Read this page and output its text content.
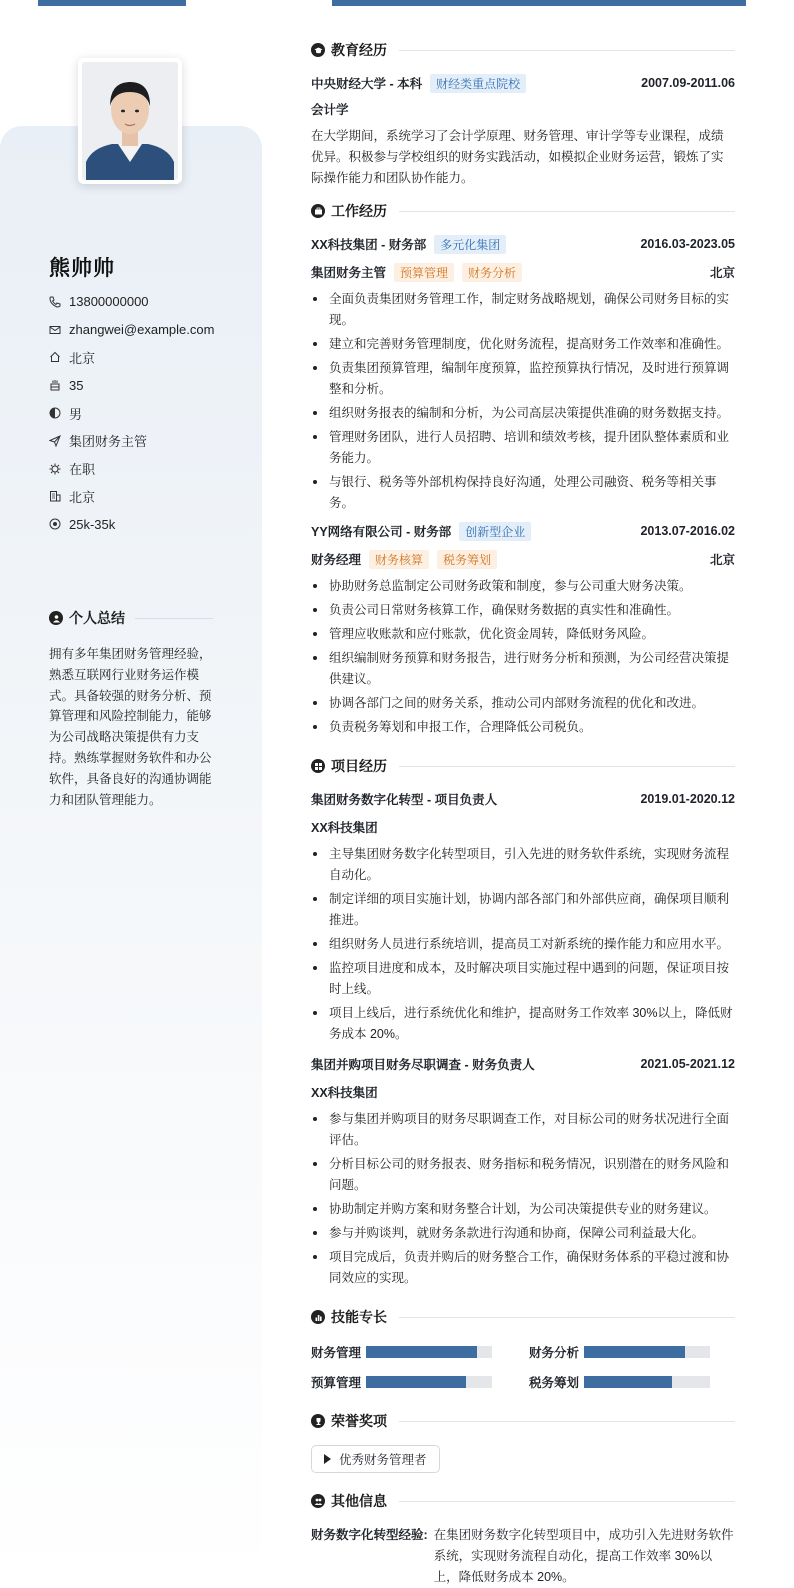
熊帅帅
13800000000
zhangwei@example.com
北京
35
男
集团财务主管
在职
北京
25k-35k
个人总结
拥有多年集团财务管理经验，熟悉互联网行业财务运作模式。具备较强的财务分析、预算管理和风险控制能力，能够为公司战略决策提供有力支持。熟练掌握财务软件和办公软件，具备良好的沟通协调能力和团队管理能力。
教育经历
中央财经大学 - 本科	财经类重点院校	2007.09-2011.06
会计学
在大学期间，系统学习了会计学原理、财务管理、审计学等专业课程，成绩优异。积极参与学校组织的财务实践活动，如模拟企业财务运营，锻炼了实际操作能力和团队协作能力。
工作经历
XX科技集团 - 财务部	多元化集团	2016.03-2023.05
集团财务主管	预算管理	财务分析	北京
全面负责集团财务管理工作，制定财务战略规划，确保公司财务目标的实现。
建立和完善财务管理制度，优化财务流程，提高财务工作效率和准确性。
负责集团预算管理，编制年度预算，监控预算执行情况，及时进行预算调整和分析。
组织财务报表的编制和分析，为公司高层决策提供准确的财务数据支持。
管理财务团队，进行人员招聘、培训和绩效考核，提升团队整体素质和业务能力。
与银行、税务等外部机构保持良好沟通，处理公司融资、税务等相关事务。
YY网络有限公司 - 财务部	创新型企业	2013.07-2016.02
财务经理	财务核算	税务筹划	北京
协助财务总监制定公司财务政策和制度，参与公司重大财务决策。
负责公司日常财务核算工作，确保财务数据的真实性和准确性。
管理应收账款和应付账款，优化资金周转，降低财务风险。
组织编制财务预算和财务报告，进行财务分析和预测，为公司经营决策提供建议。
协调各部门之间的财务关系，推动公司内部财务流程的优化和改进。
负责税务筹划和申报工作，合理降低公司税负。
项目经历
集团财务数字化转型 - 项目负责人	2019.01-2020.12
XX科技集团
主导集团财务数字化转型项目，引入先进的财务软件系统，实现财务流程自动化。
制定详细的项目实施计划，协调内部各部门和外部供应商，确保项目顺利推进。
组织财务人员进行系统培训，提高员工对新系统的操作能力和应用水平。
监控项目进度和成本，及时解决项目实施过程中遇到的问题，保证项目按时上线。
项目上线后，进行系统优化和维护，提高财务工作效率 30%以上，降低财务成本 20%。
集团并购项目财务尽职调查 - 财务负责人	2021.05-2021.12
XX科技集团
参与集团并购项目的财务尽职调查工作，对目标公司的财务状况进行全面评估。
分析目标公司的财务报表、财务指标和税务情况，识别潜在的财务风险和问题。
协助制定并购方案和财务整合计划，为公司决策提供专业的财务建议。
参与并购谈判，就财务条款进行沟通和协商，保障公司利益最大化。
项目完成后，负责并购后的财务整合工作，确保财务体系的平稳过渡和协同效应的实现。
技能专长
财务管理	财务分析
预算管理	税务筹划
荣誉奖项
优秀财务管理者
其他信息
财务数字化转型经验: 在集团财务数字化转型项目中，成功引入先进财务软件系统，实现财务流程自动化，提高工作效率 30%以上，降低财务成本 20%。
